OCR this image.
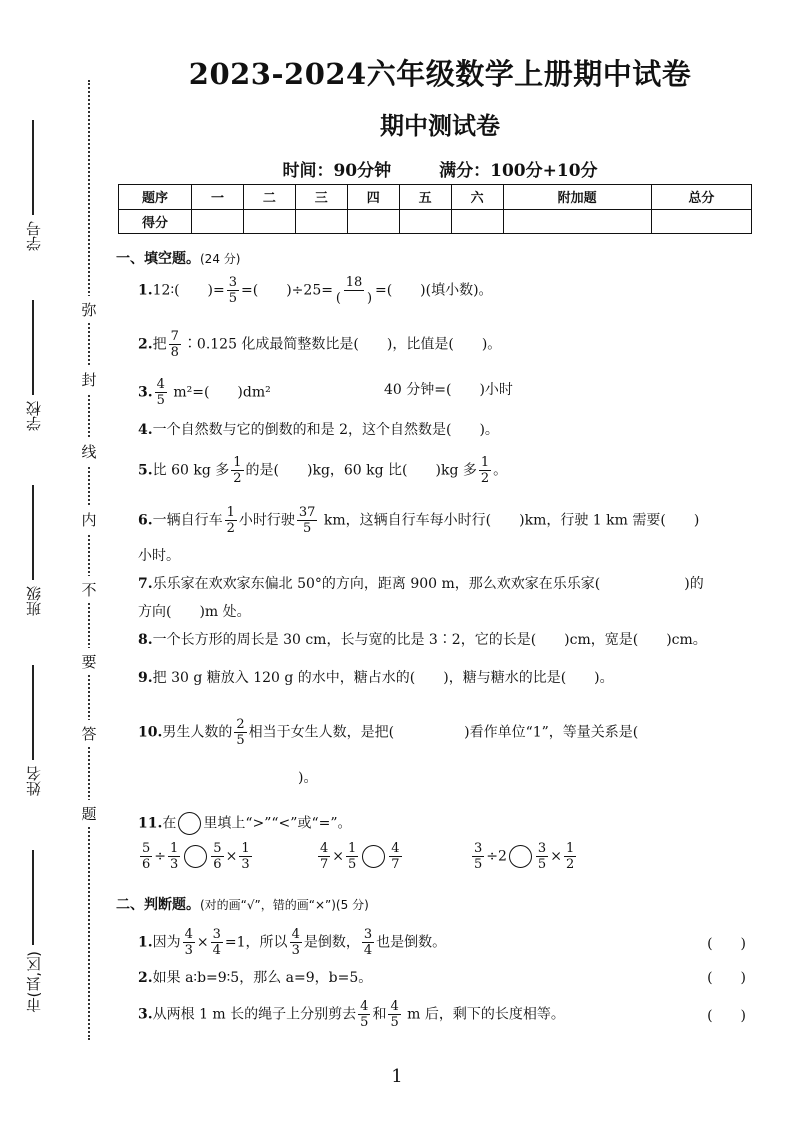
学号
学校
班级
姓名
市(县,区)
弥
封
线
内
不
要
答
题
2023-2024六年级数学上册期中试卷
期中测试卷
时间：90分钟	满分：100分+10分
题序	一	二	三	四	五	六	附加题	总分
得分								
一、填空题。(24 分)
1.12∶(　　)= $\frac{3}{5}$ =(　　)$\div 25= \frac{18}{( )}$ =(　　)(填小数)。
2.把 $\frac{7}{8}$ ∶0.125 化成最简整数比是(　　)，比值是(　　)。
3. $\frac{4}{5} m^2=$(　　)dm²	40 分钟=(　　)小时
4.一个自然数与它的倒数的和是 2，这个自然数是(　　)。
5.比 60 kg 多 $\frac{1}{2}$ 的是(　　)kg，60 kg 比(　　)kg 多 $\frac{1}{2}$ 。
6.一辆自行车 $\frac{1}{2}$ 小时行驶 $\frac{37}{5}$ km，这辆自行车每小时行(　　)km，行驶 1 km 需要(　　)
小时。
7.乐乐家在欢欢家东偏北 50°的方向，距离 900 m，那么欢欢家在乐乐家(　　　　　　)的
方向(　　)m 处。
8.一个长方形的周长是 30 cm，长与宽的比是 3∶2，它的长是(　　)cm，宽是(　　)cm。
9.把 30 g 糖放入 120 g 的水中，糖占水的(　　)，糖与糖水的比是(　　)。
10.男生人数的 $\frac{2}{5}$ 相当于女生人数，是把(　　　　　)看作单位“1”，等量关系是(
)。
11.在 里填上“>”“<”或“=”。
$\frac{5}{6} \div \frac{1}{3} \frac{5}{6} \times \frac{1}{3}$	$\frac{4}{7} \times \frac{1}{5} \frac{4}{7}$	$\frac{3}{5} \div 2 \frac{3}{5} \times \frac{1}{2}$
二、判断题。(对的画“√”，错的画“×”)(5 分)
1.因为 $\frac{4}{3} \times \frac{3}{4} =1$，所以 $\frac{4}{3}$ 是倒数， $\frac{3}{4}$ 也是倒数。	(　　)
2.如果 a∶b=9∶5，那么 a=9，b=5。	(　　)
3.从两根 1 m 长的绳子上分别剪去 $\frac{4}{5}$ 和 $\frac{4}{5}$ m 后，剩下的长度相等。	(　　)
1
